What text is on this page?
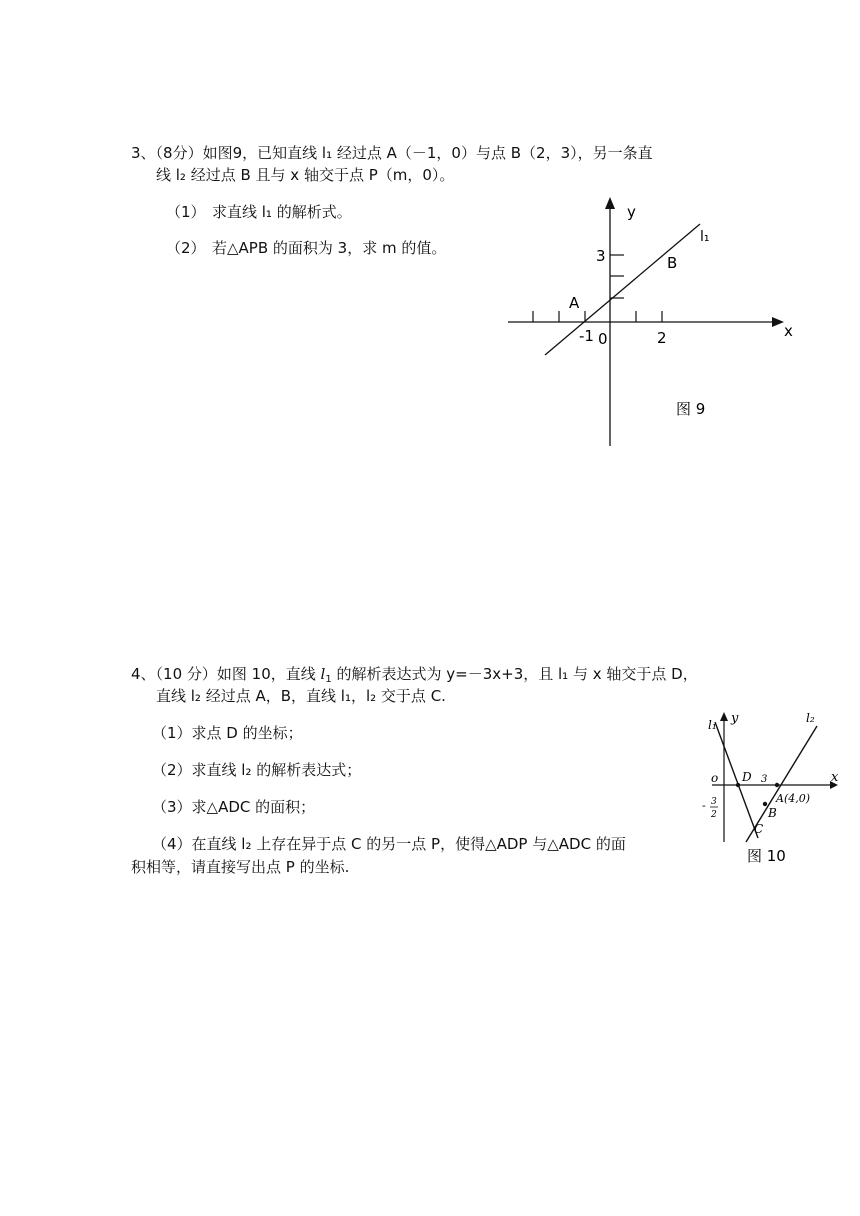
3、（8分）如图9，已知直线 l₁ 经过点 A（－1，0）与点 B（2，3），另一条直
线 l₂ 经过点 B 且与 x 轴交于点 P（m，0）。
（1） 求直线 l₁ 的解析式。
（2） 若△APB 的面积为 3，求 m 的值。
y
x
l₁
B
A
3
-1 0	2
图 9
4、（10 分）如图 10，直线 $l_1$ 的解析表达式为 y=－3x+3，且 l₁ 与 x 轴交于点 D，
直线 l₂ 经过点 A，B，直线 l₁，l₂ 交于点 C.
（1）求点 D 的坐标；
（2）求直线 l₂ 的解析表达式；
（3）求△ADC 的面积；
（4）在直线 l₂ 上存在异于点 C 的另一点 P，使得△ADP 与△ADC 的面
积相等，请直接写出点 P 的坐标.
l₁ y	l₂
x
o D 3
A(4,0)
B
C
- 3
2
图 10
